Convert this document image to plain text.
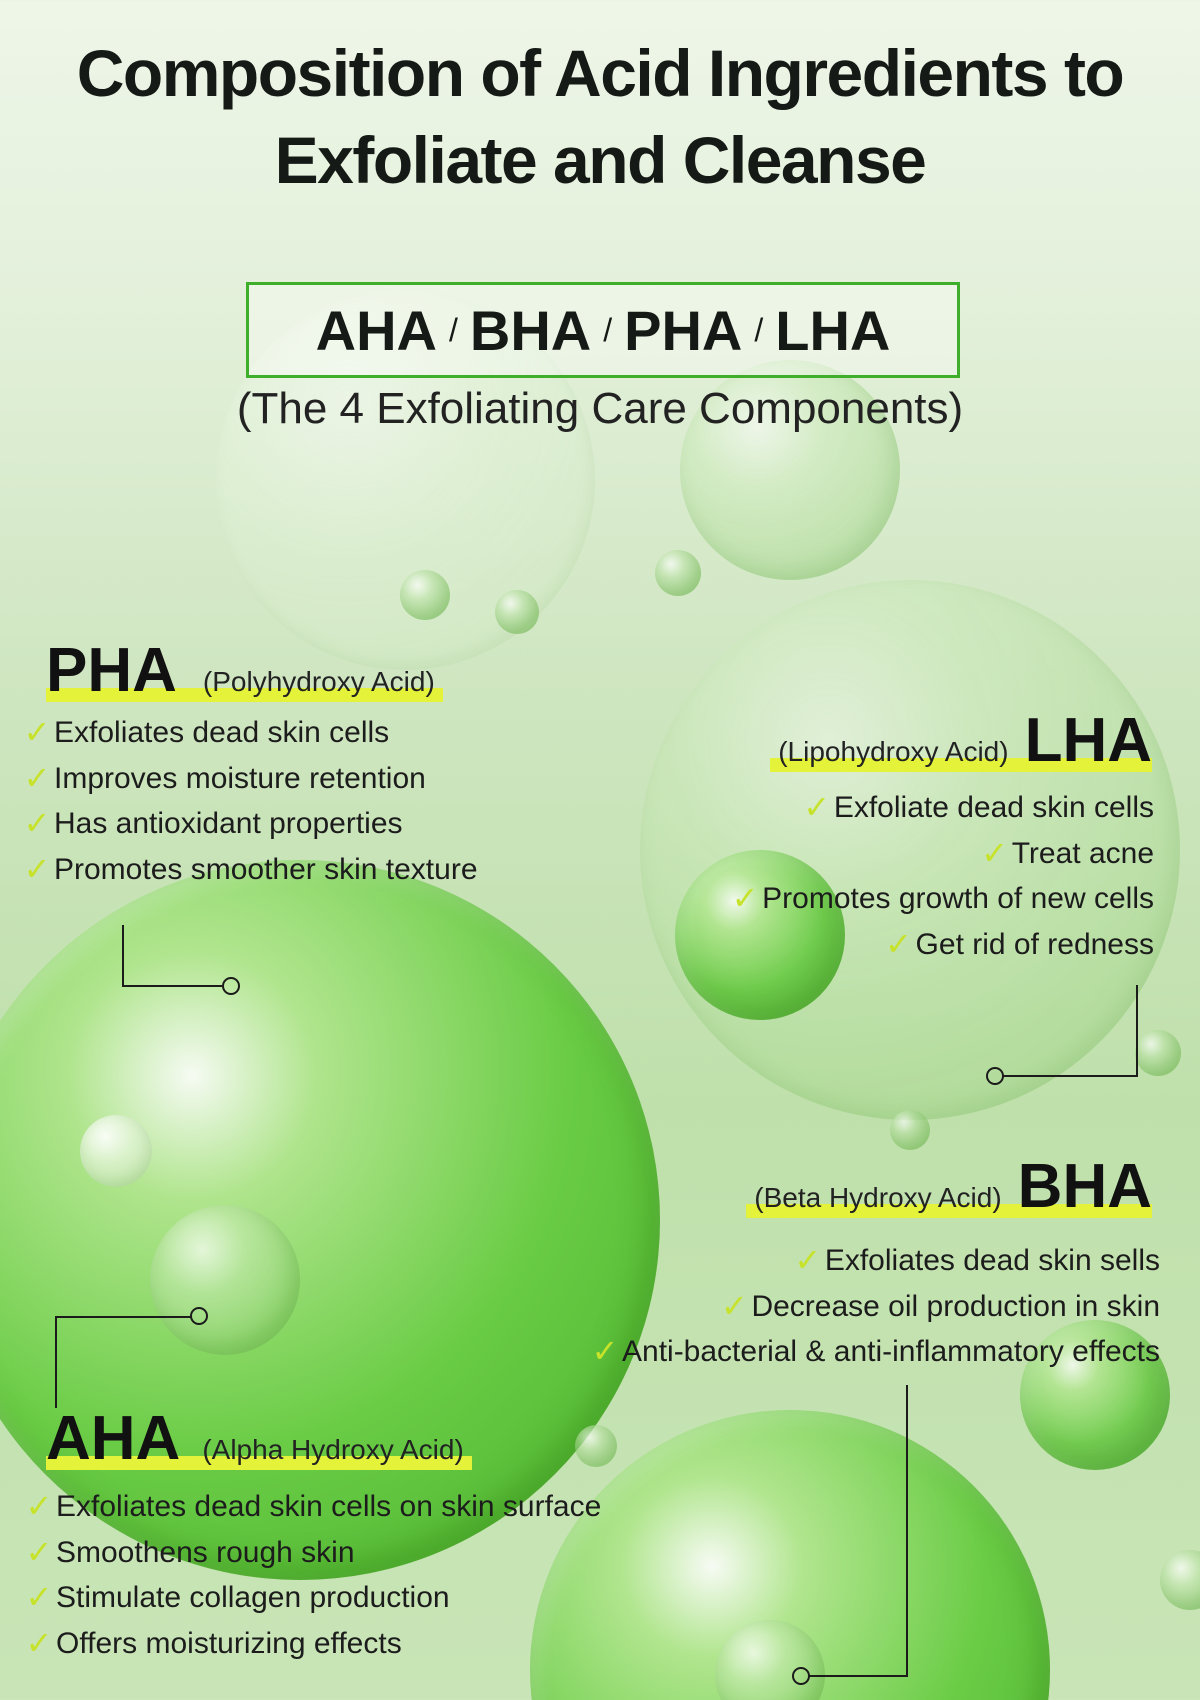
Composition of Acid Ingredients to
Exfoliate and Cleanse
AHA / BHA / PHA / LHA
(The 4 Exfoliating Care Components)
PHA (Polyhydroxy Acid)
✓ Exfoliates dead skin cells
✓ Improves moisture retention
✓ Has antioxidant properties
✓ Promotes smoother skin texture
(Lipohydroxy Acid) LHA
✓ Exfoliate dead skin cells
✓ Treat acne
✓ Promotes growth of new cells
✓ Get rid of redness
(Beta Hydroxy Acid) BHA
✓ Exfoliates dead skin sells
✓ Decrease oil production in skin
✓ Anti-bacterial & anti-inflammatory effects
AHA (Alpha Hydroxy Acid)
✓ Exfoliates dead skin cells on skin surface
✓ Smoothens rough skin
✓ Stimulate collagen production
✓ Offers moisturizing effects
